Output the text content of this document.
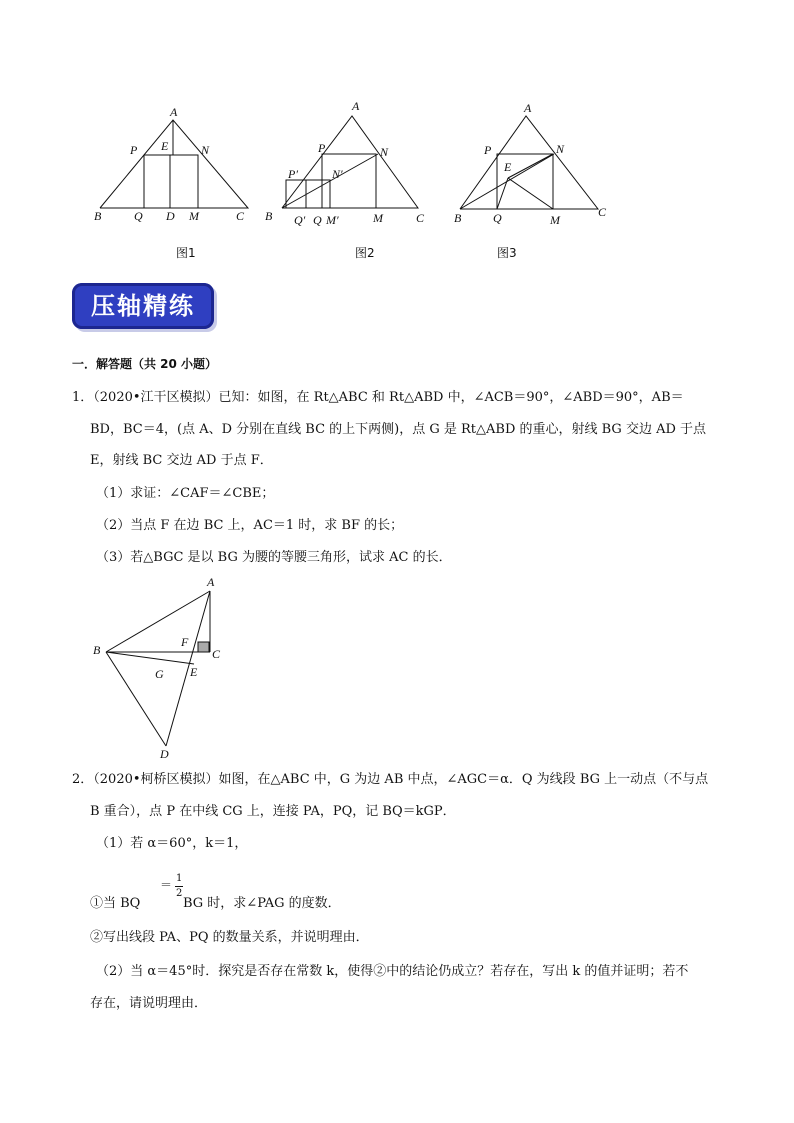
A
P E	N
B	Q D M	C
图1
A
P	N
P′	N′
B Q′ Q M′	M	C
图2
A
P	N
E
B	Q	M
C
图3
压轴精练
一．解答题（共 20 小题）
1．（2020•江干区模拟）已知：如图，在 Rt△ABC 和 Rt△ABD 中，∠ACB＝90°，∠ABD＝90°，AB＝
BD，BC＝4，(点 A、D 分别在直线 BC 的上下两侧)，点 G 是 Rt△ABD 的重心，射线 BG 交边 AD 于点
E，射线 BC 交边 AD 于点 F．
（1）求证：∠CAF＝∠CBE；
（2）当点 F 在边 BC 上，AC＝1 时，求 BF 的长；
（3）若△BGC 是以 BG 为腰的等腰三角形，试求 AC 的长．
A
B
F
C
G E
D
2．（2020•柯桥区模拟）如图，在△ABC 中，G 为边 AB 中点，∠AGC＝α．Q 为线段 BG 上一动点（不与点
B 重合），点 P 在中线 CG 上，连接 PA，PQ，记 BQ＝kGP．
（1）若 α＝60°，k＝1，
①当 BQ
＝ 1
2
BG 时，求∠PAG 的度数．
②写出线段 PA、PQ 的数量关系，并说明理由．
（2）当 α＝45°时．探究是否存在常数 k，使得②中的结论仍成立？若存在，写出 k 的值并证明；若不
存在，请说明理由．
